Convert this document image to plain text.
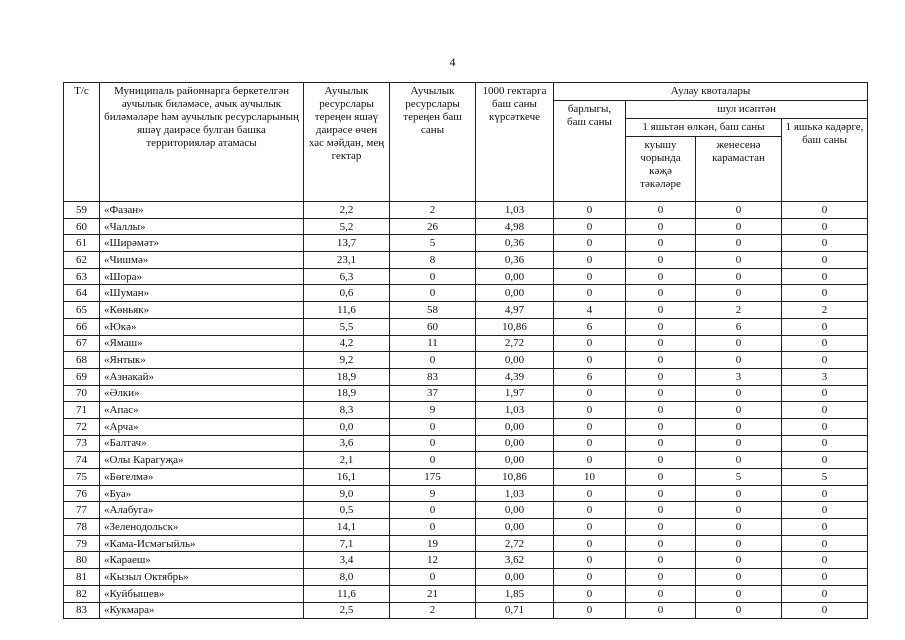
4
Т/с	Муниципаль районнарга беркетелгән аучылык биләмәсе, ачык аучылык биләмәләре һәм аучылык ресурсларының яшәү даирәсе булган башка территорияләр атамасы	Аучылык ресурслары тереңен яшәү даирәсе өчен хас мәйдан, мең гектар	Аучылык ресурслары тереңен баш саны	1000 гектарга баш саны күрсәткече	Аулау квоталары			
					барлыгы, баш саны	шул исәптән		
						1 яшьтән өлкән, баш саны		1 яшькә кадәрге, баш саны
						куышу чорында кәҗә тәкәләре	женесенә карамастан	
59	«Фазан»	2,2	2	1,03	0	0	0	0
60	«Чаллы»	5,2	26	4,98	0	0	0	0
61	«Ширәмәт»	13,7	5	0,36	0	0	0	0
62	«Чишмә»	23,1	8	0,36	0	0	0	0
63	«Шора»	6,3	0	0,00	0	0	0	0
64	«Шуман»	0,6	0	0,00	0	0	0	0
65	«Көньяк»	11,6	58	4,97	4	0	2	2
66	«Юкә»	5,5	60	10,86	6	0	6	0
67	«Ямаш»	4,2	11	2,72	0	0	0	0
68	«Янтык»	9,2	0	0,00	0	0	0	0
69	«Азнакай»	18,9	83	4,39	6	0	3	3
70	«Әлки»	18,9	37	1,97	0	0	0	0
71	«Апас»	8,3	9	1,03	0	0	0	0
72	«Арча»	0,0	0	0,00	0	0	0	0
73	«Балтач»	3,6	0	0,00	0	0	0	0
74	«Олы Карагуҗа»	2,1	0	0,00	0	0	0	0
75	«Бөгелмә»	16,1	175	10,86	10	0	5	5
76	«Буа»	9,0	9	1,03	0	0	0	0
77	«Алабуга»	0,5	0	0,00	0	0	0	0
78	«Зеленодольск»	14,1	0	0,00	0	0	0	0
79	«Кама-Исмәгыйль»	7,1	19	2,72	0	0	0	0
80	«Караеш»	3,4	12	3,62	0	0	0	0
81	«Кызыл Октябрь»	8,0	0	0,00	0	0	0	0
82	«Куйбышев»	11,6	21	1,85	0	0	0	0
83	«Кукмара»	2,5	2	0,71	0	0	0	0
